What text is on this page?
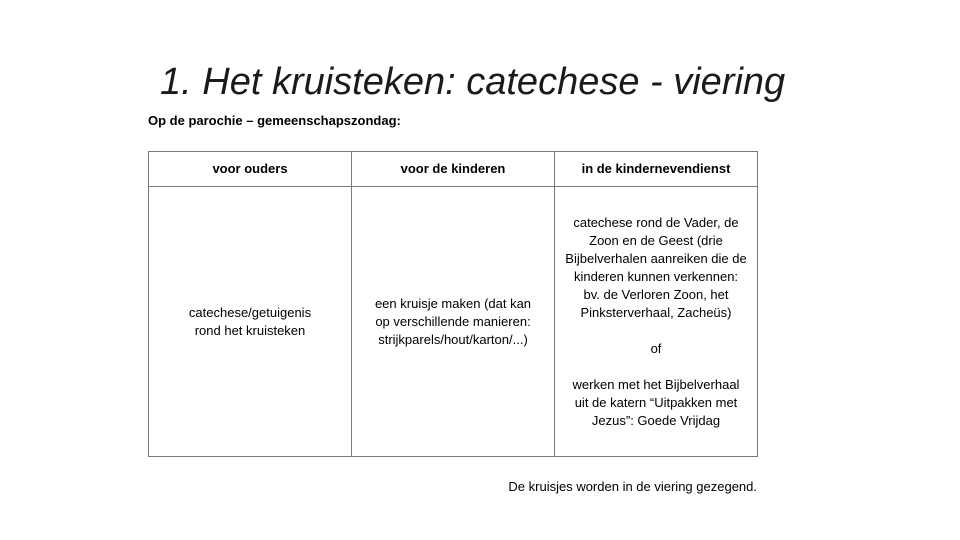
1. Het kruisteken: catechese - viering
Op de parochie – gemeenschapszondag:
voor ouders	voor de kinderen	in de kindernevendienst

catechese/getuigenis rond het kruisteken	een kruisje maken (dat kan op verschillende manieren: strijkparels/hout/karton/...)	catechese rond de Vader, de Zoon en de Geest (drie Bijbelverhalen aanreiken die de kinderen kunnen verkennen: bv. de Verloren Zoon, het Pinksterverhaal, Zacheüs)
of
werken met het Bijbelverhaal uit de katern “Uitpakken met Jezus”: Goede Vrijdag
De kruisjes worden in de viering gezegend.
